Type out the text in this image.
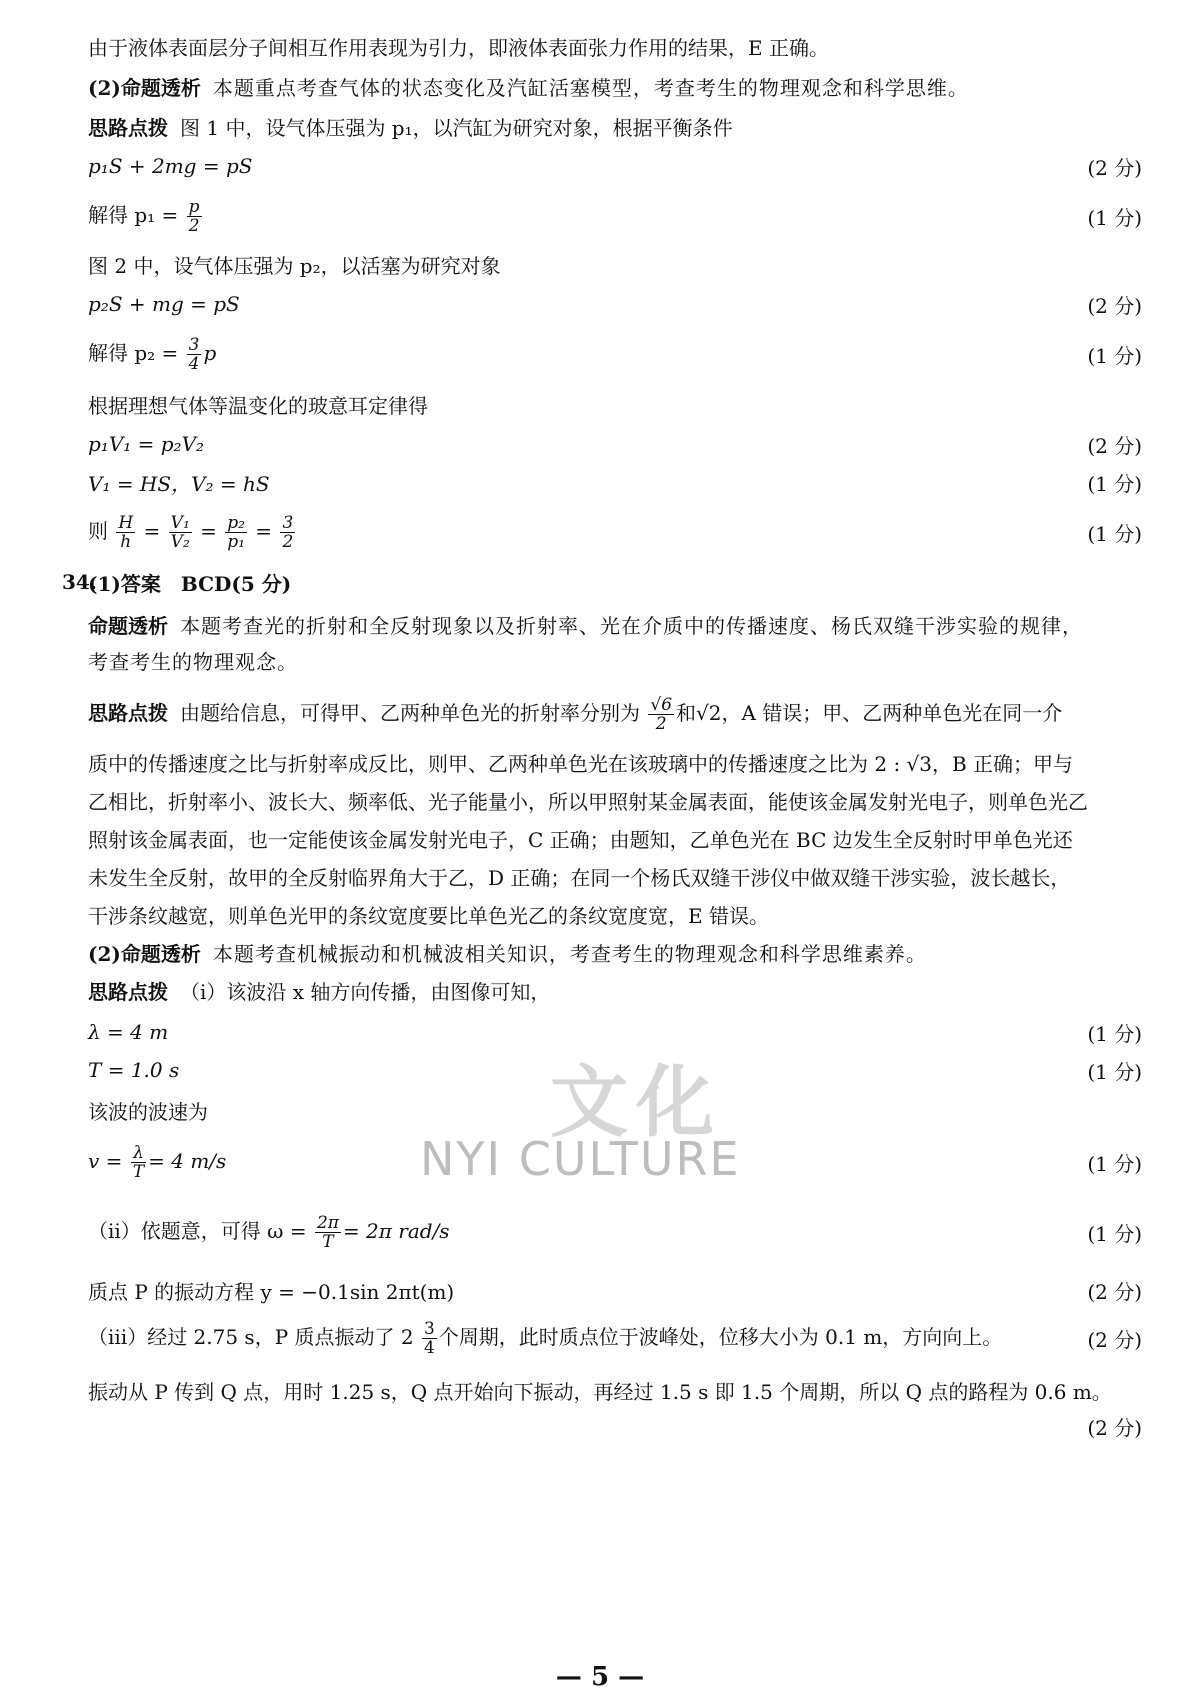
由于液体表面层分子间相互作用表现为引力，即液体表面张力作用的结果，E 正确。
(2)命题透析 本题重点考查气体的状态变化及汽缸活塞模型，考查考生的物理观念和科学思维。
思路点拨 图 1 中，设气体压强为 p₁，以汽缸为研究对象，根据平衡条件
p₁S + 2mg = pS	(2 分)
解得 $p_1 = \frac{p}{2}$	(1 分)
图 2 中，设气体压强为 p₂，以活塞为研究对象
p₂S + mg = pS	(2 分)
解得 $p_2 = \frac{3}{4}$ p	(1 分)
根据理想气体等温变化的玻意耳定律得
p₁V₁ = p₂V₂	(2 分)
V₁ = HS，V₂ = hS	(1 分)
则 $\frac{H}{h} = \frac{\text{V₁}}{\text{V₂}} = \frac{\text{p₂}}{\text{p₁}} = \frac{3}{2}$	(1 分)
34.
(1)答案　BCD(5 分)
命题透析 本题考查光的折射和全反射现象以及折射率、光在介质中的传播速度、杨氏双缝干涉实验的规律，
考查考生的物理观念。
思路点拨 由题给信息，可得甲、乙两种单色光的折射率分别为 $\frac{√6}{2}$ 和√2，A 错误；甲、乙两种单色光在同一介
质中的传播速度之比与折射率成反比，则甲、乙两种单色光在该玻璃中的传播速度之比为 2 : √3，B 正确；甲与
乙相比，折射率小、波长大、频率低、光子能量小，所以甲照射某金属表面，能使该金属发射光电子，则单色光乙
照射该金属表面，也一定能使该金属发射光电子，C 正确；由题知，乙单色光在 BC 边发生全反射时甲单色光还
未发生全反射，故甲的全反射临界角大于乙，D 正确；在同一个杨氏双缝干涉仪中做双缝干涉实验，波长越长，
干涉条纹越宽，则单色光甲的条纹宽度要比单色光乙的条纹宽度宽，E 错误。
(2)命题透析 本题考查机械振动和机械波相关知识，考查考生的物理观念和科学思维素养。
思路点拨 （ⅰ）该波沿 x 轴方向传播，由图像可知，
λ = 4 m	(1 分)
T = 1.0 s	(1 分)
该波的波速为
$v = \frac{\lambda}{T} = 4$ m/s	(1 分)
（ⅱ）依题意，可得 $\omega = \frac{2\pi}{T} = 2\pi$ rad/s	(1 分)
质点 P 的振动方程 y = −0.1sin 2πt(m)	(2 分)
（ⅲ）经过 2.75 s，P 质点振动了 $2 \frac{3}{4}$ 个周期，此时质点位于波峰处，位移大小为 0.1 m，方向向上。	(2 分)
振动从 P 传到 Q 点，用时 1.25 s，Q 点开始向下振动，再经过 1.5 s 即 1.5 个周期，所以 Q 点的路程为 0.6 m。
(2 分)
文化
NYI CULTURE
— 5 —
